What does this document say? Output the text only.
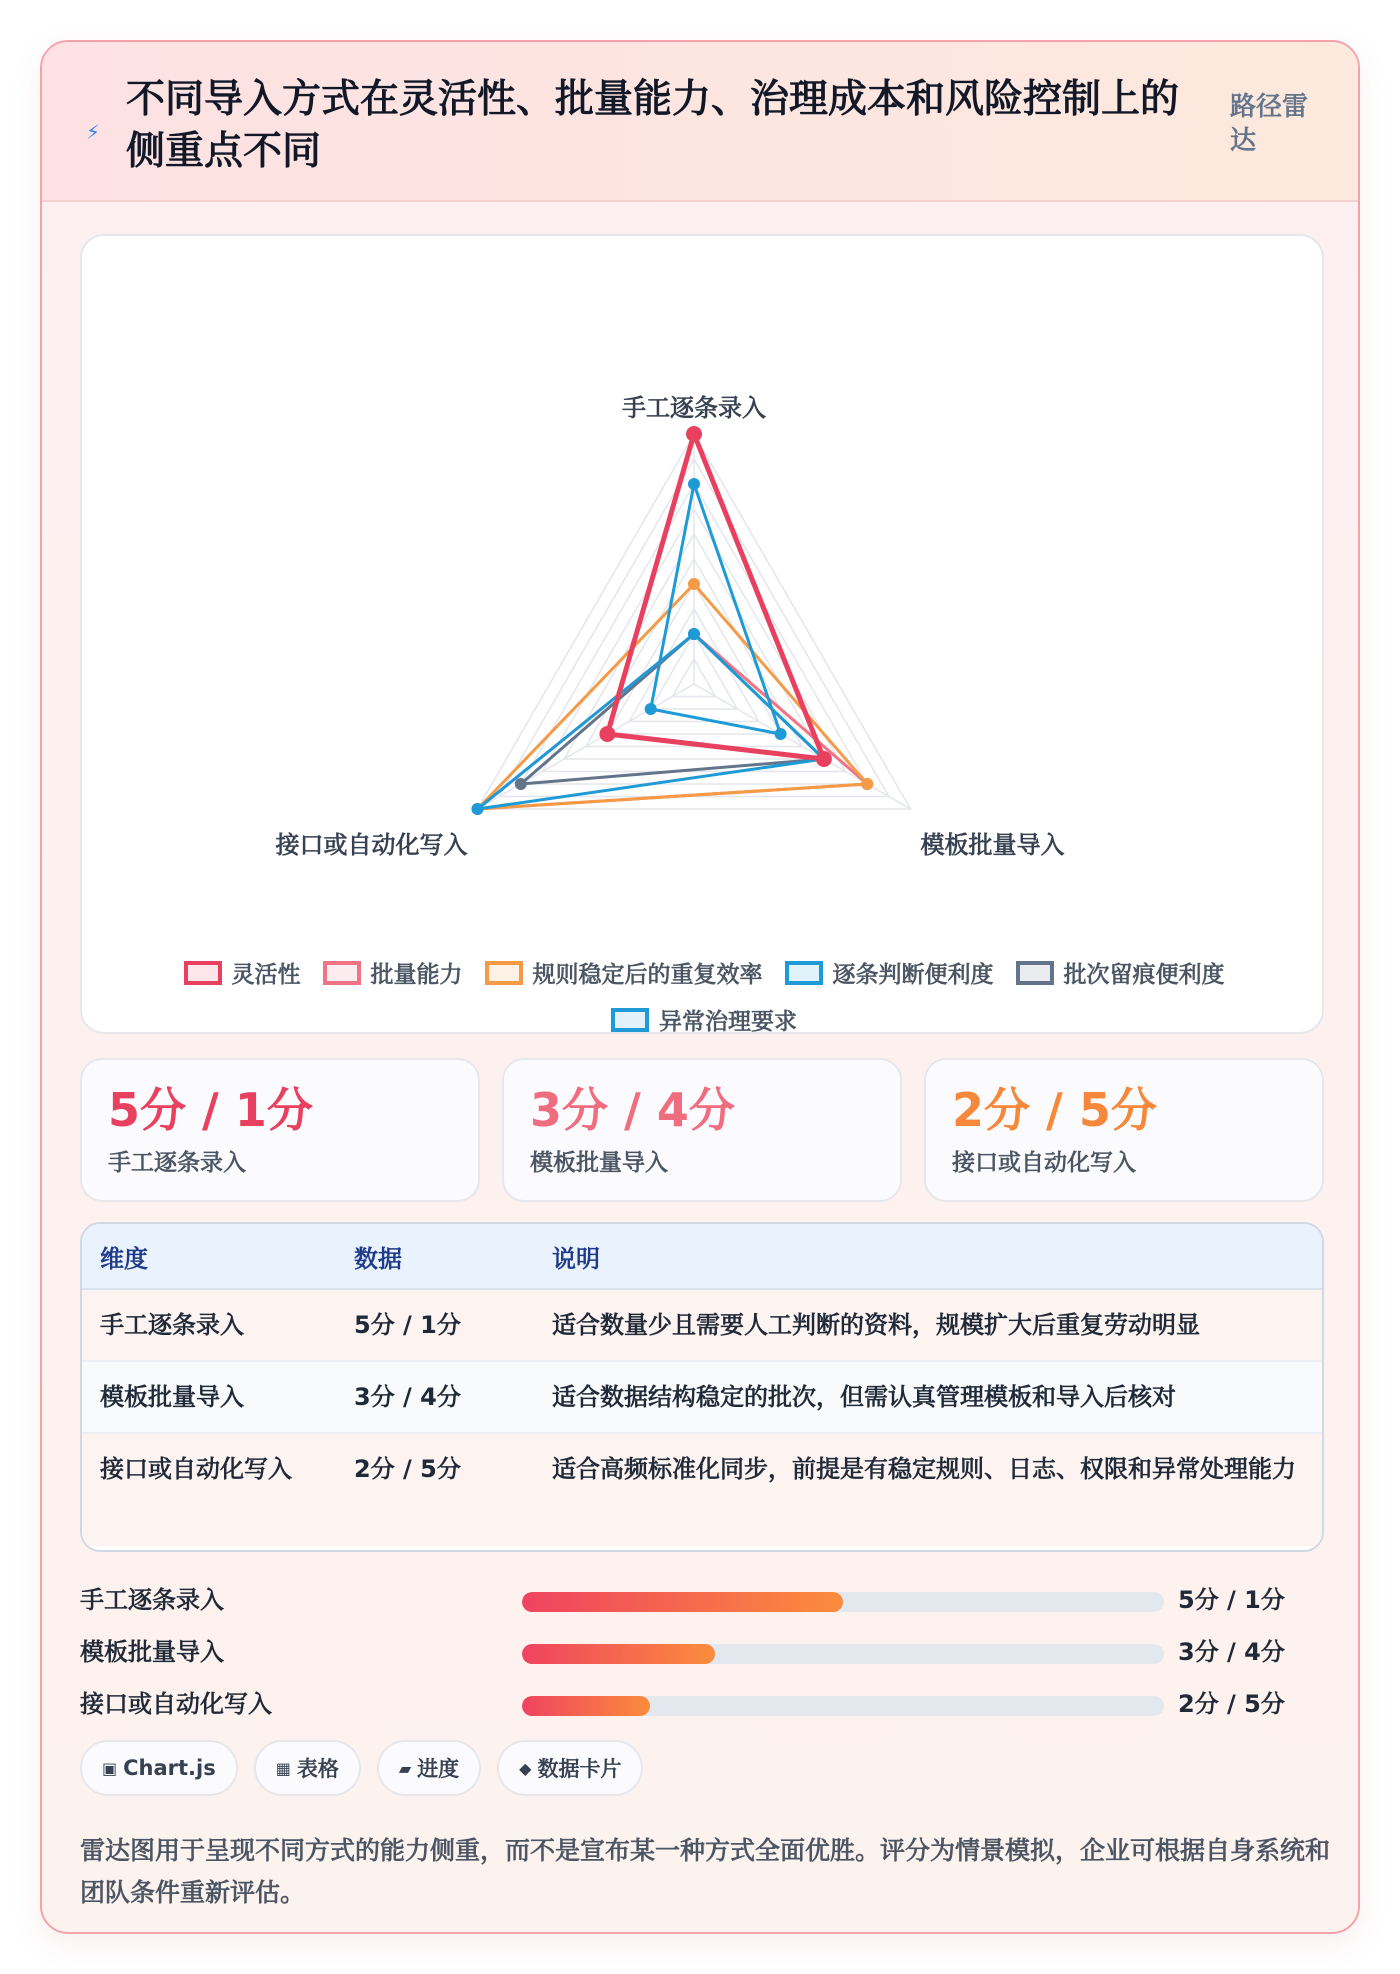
⚡
不同导入方式在灵活性、批量能力、治理成本和风险控制上的侧重点不同
路径雷达
手工逐条录入
模板批量导入
接口或自动化写入
灵活性	批量能力	规则稳定后的重复效率	逐条判断便利度	批次留痕便利度
异常治理要求
5分 / 1分
手工逐条录入
3分 / 4分
模板批量导入
2分 / 5分
接口或自动化写入
维度	数据	说明
手工逐条录入	5分 / 1分	适合数量少且需要人工判断的资料，规模扩大后重复劳动明显
模板批量导入	3分 / 4分	适合数据结构稳定的批次，但需认真管理模板和导入后核对
接口或自动化写入	2分 / 5分	适合高频标准化同步，前提是有稳定规则、日志、权限和异常处理能力
手工逐条录入	5分 / 1分
模板批量导入	3分 / 4分
接口或自动化写入	2分 / 5分
▣ Chart.js	▦ 表格	▰ 进度	◆ 数据卡片
雷达图用于呈现不同方式的能力侧重，而不是宣布某一种方式全面优胜。评分为情景模拟，企业可根据自身系统和团队条件重新评估。
